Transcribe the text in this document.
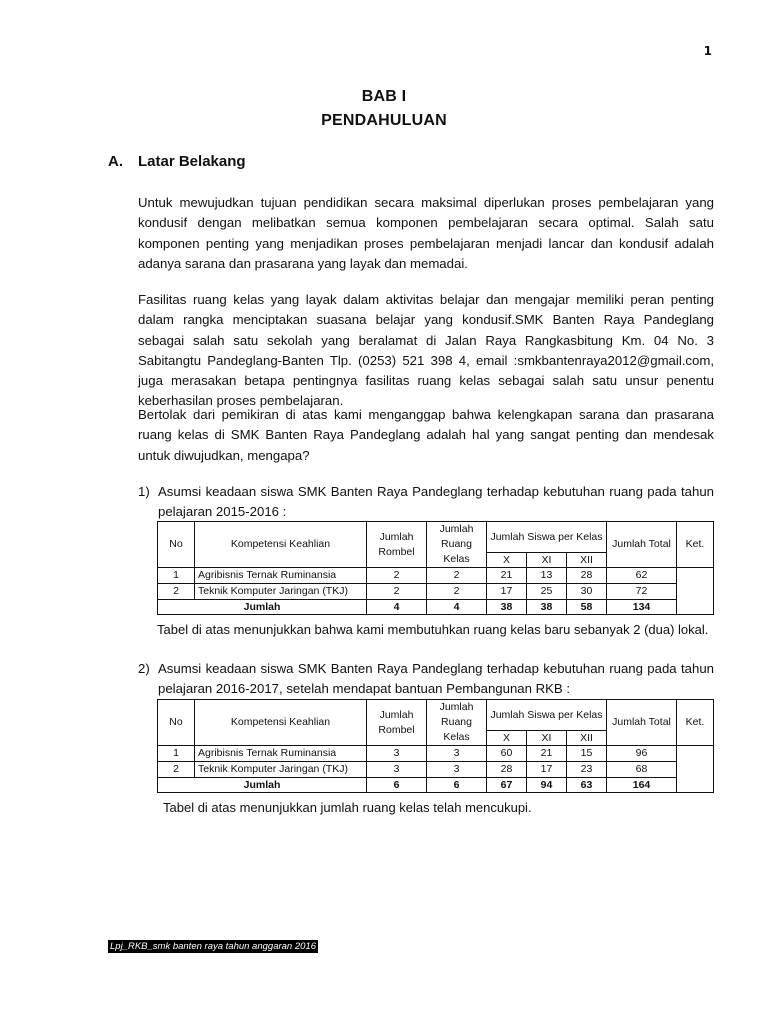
1
BAB I
PENDAHULUAN
A. Latar Belakang

Untuk mewujudkan tujuan pendidikan secara maksimal diperlukan proses pembelajaran yang kondusif dengan melibatkan semua komponen pembelajaran secara optimal. Salah satu komponen penting yang menjadikan proses pembelajaran menjadi lancar dan kondusif adalah adanya sarana dan prasarana yang layak dan memadai.

Fasilitas ruang kelas yang layak dalam aktivitas belajar dan mengajar memiliki peran penting dalam rangka menciptakan suasana belajar yang kondusif.SMK Banten Raya Pandeglang sebagai salah satu sekolah yang beralamat di Jalan Raya Rangkasbitung Km. 04 No. 3 Sabitangtu Pandeglang-Banten Tlp. (0253) 521 398 4, email :smkbantenraya2012@gmail.com, juga merasakan betapa pentingnya fasilitas ruang kelas sebagai salah satu unsur penentu keberhasilan proses pembelajaran.

Bertolak dari pemikiran di atas kami menganggap bahwa kelengkapan sarana dan prasarana ruang kelas di SMK Banten Raya Pandeglang adalah hal yang sangat penting dan mendesak untuk diwujudkan, mengapa?

1) Asumsi keadaan siswa SMK Banten Raya Pandeglang terhadap kebutuhan ruang pada tahun pelajaran 2015-2016 :

No	Kompetensi Keahlian	Jumlah Rombel	Jumlah Ruang Kelas	Jumlah Siswa per Kelas			Jumlah Total	Ket.
				X	XI	XII		
1	Agribisnis Ternak Ruminansia	2	2	21	13	28	62	
2	Teknik Komputer Jaringan (TKJ)	2	2	17	25	30	72	
Jumlah		4	4	38	38	58	134	
Tabel di atas menunjukkan bahwa kami membutuhkan ruang kelas baru sebanyak 2 (dua) lokal.

2) Asumsi keadaan siswa SMK Banten Raya Pandeglang terhadap kebutuhan ruang pada tahun pelajaran 2016-2017, setelah mendapat bantuan Pembangunan RKB :

No	Kompetensi Keahlian	Jumlah Rombel	Jumlah Ruang Kelas	Jumlah Siswa per Kelas			Jumlah Total	Ket.
				X	XI	XII		
1	Agribisnis Ternak Ruminansia	3	3	60	21	15	96	
2	Teknik Komputer Jaringan (TKJ)	3	3	28	17	23	68	
Jumlah		6	6	67	94	63	164	
Tabel di atas menunjukkan jumlah ruang kelas telah mencukupi.
Lpj_RKB_smk banten raya tahun anggaran 2016
